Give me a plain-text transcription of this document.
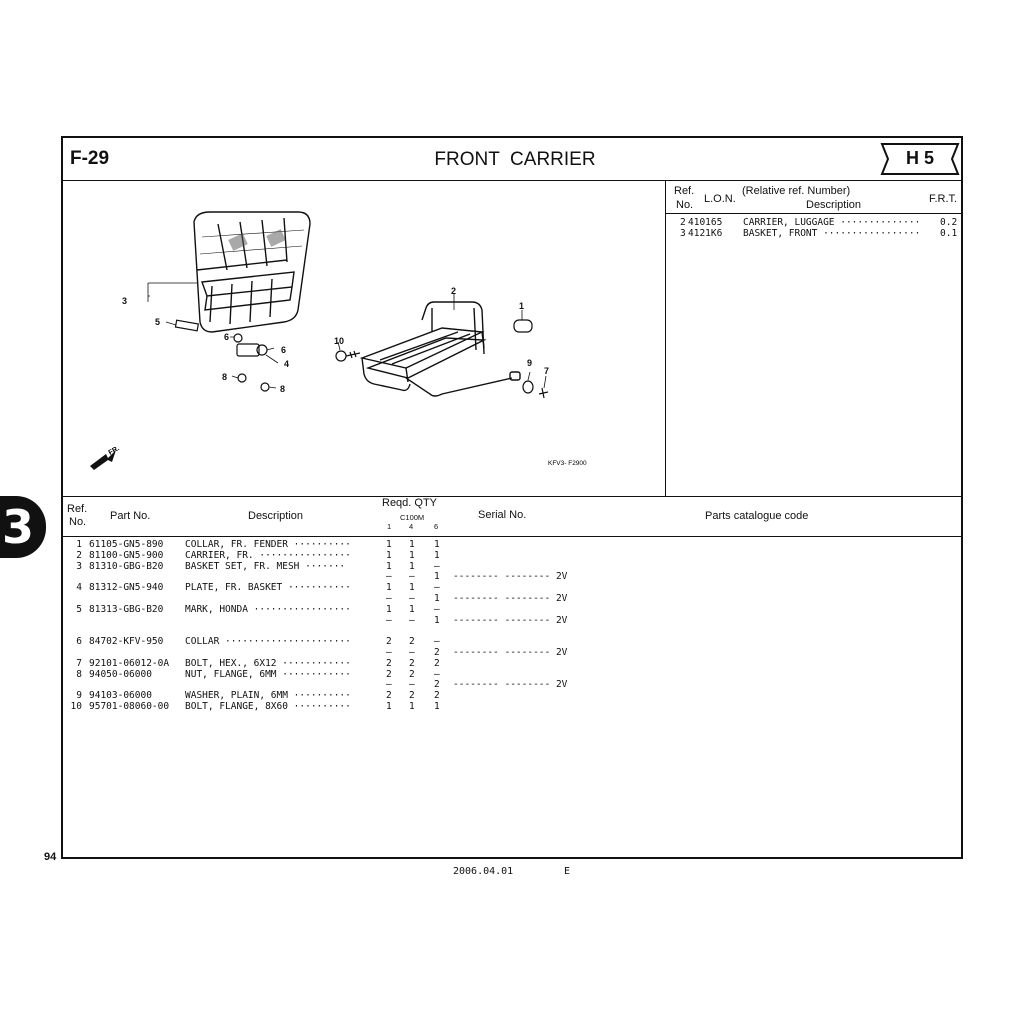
3
F-29	FRONT  CARRIER	H 5
Ref.
No. L.O.N.
(Relative ref. Number)
Description	F.R.T.
2 410165 CARRIER, LUGGAGE ·············· 0.2
3 4121K6 BASKET, FRONT ················· 0.1
3
5
6
6
4
8
8
2
1
10
9
7
FR.
KFV3- F2900
Ref.
No. Part No.	Description
Reqd. QTY
C100M
1 4	6
Serial No.	Parts catalogue code
1 61105-GN5-890 COLLAR, FR. FENDER ··········	1 1 1
2 81100-GN5-900 CARRIER, FR. ················	1 1 1
3 81310-GBG-B20 BASKET SET, FR. MESH ·······	1 1 –
– – 1 -------- -------- 2V
4 81312-GN5-940 PLATE, FR. BASKET ···········	1 1 –
– – 1 -------- -------- 2V
5 81313-GBG-B20 MARK, HONDA ·················	1 1 –
– – 1 -------- -------- 2V
6 84702-KFV-950 COLLAR ······················	2 2 –
– – 2 -------- -------- 2V
7 92101-06012-0A BOLT, HEX., 6X12 ············	2 2 2
8 94050-06000	NUT, FLANGE, 6MM ············	2 2 –
– – 2 -------- -------- 2V
9 94103-06000	WASHER, PLAIN, 6MM ··········	2 2 2
10 95701-08060-00 BOLT, FLANGE, 8X60 ··········	1 1 1
94
2006.04.01	E
